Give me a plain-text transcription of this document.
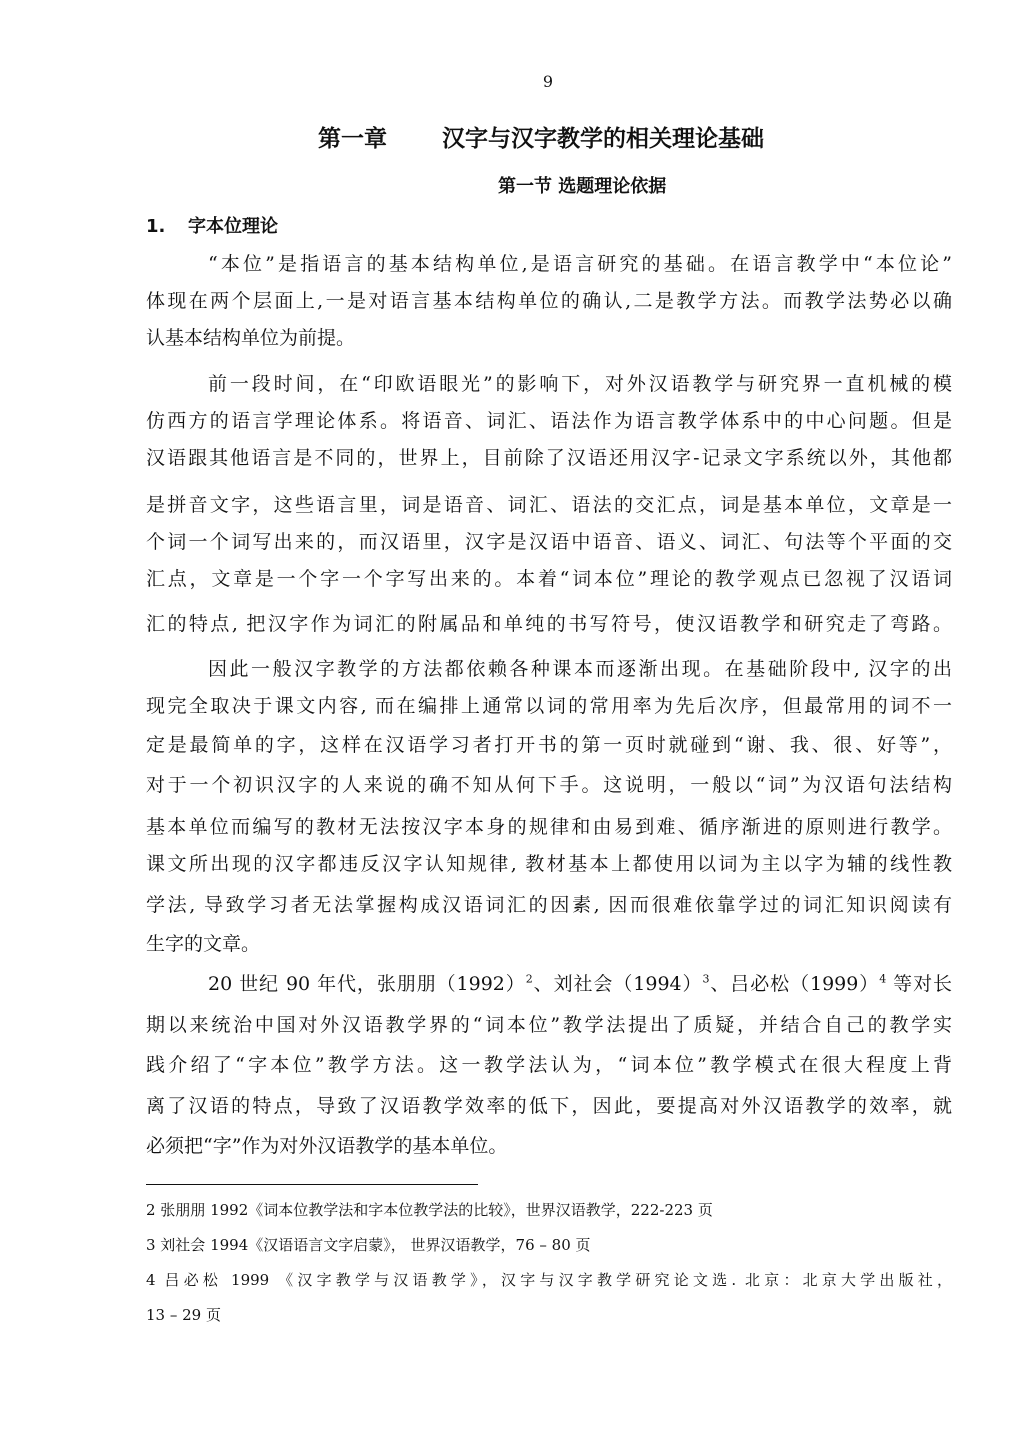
9
第一章 汉字与汉字教学的相关理论基础
第一节 选题理论依据
1. 字本位理论
“本位”是指语言的基本结构单位,是语言研究的基础。在语言教学中“本位论”
体现在两个层面上,一是对语言基本结构单位的确认,二是教学方法。而教学法势必以确
认基本结构单位为前提。
前一段时间，在“印欧语眼光”的影响下，对外汉语教学与研究界一直机械的模
仿西方的语言学理论体系。将语音、词汇、语法作为语言教学体系中的中心问题。但是
汉语跟其他语言是不同的，世界上，目前除了汉语还用汉字-记录文字系统以外，其他都
是拼音文字，这些语言里，词是语音、词汇、语法的交汇点，词是基本单位，文章是一
个词一个词写出来的，而汉语里，汉字是汉语中语音、语义、词汇、句法等个平面的交
汇点，文章是一个字一个字写出来的。本着“词本位”理论的教学观点已忽视了汉语词
汇的特点, 把汉字作为词汇的附属品和单纯的书写符号，使汉语教学和研究走了弯路。
因此一般汉字教学的方法都依赖各种课本而逐渐出现。在基础阶段中, 汉字的出
现完全取决于课文内容, 而在编排上通常以词的常用率为先后次序，但最常用的词不一
定是最简单的字，这样在汉语学习者打开书的第一页时就碰到“谢、我、很、好等”，
对于一个初识汉字的人来说的确不知从何下手。这说明，一般以“词”为汉语句法结构
基本单位而编写的教材无法按汉字本身的规律和由易到难、循序渐进的原则进行教学。
课文所出现的汉字都违反汉字认知规律, 教材基本上都使用以词为主以字为辅的线性教
学法, 导致学习者无法掌握构成汉语词汇的因素, 因而很难依靠学过的词汇知识阅读有
生字的文章。
20 世纪 90 年代，张朋朋$(1992)^2$、刘社会$(1994)^3$、吕必松$(1999)^4$ 等对长
期以来统治中国对外汉语教学界的“词本位”教学法提出了质疑，并结合自己的教学实
践介绍了“字本位”教学方法。这一教学法认为，“词本位”教学模式在很大程度上背
离了汉语的特点，导致了汉语教学效率的低下，因此，要提高对外汉语教学的效率，就
必须把“字”作为对外汉语教学的基本单位。
2 张朋朋 1992《词本位教学法和字本位教学法的比较》，世界汉语教学，222-223 页
3 刘社会 1994《汉语语言文字启蒙》， 世界汉语教学，76 – 80 页
4 吕必松 1999 《汉字教学与汉语教学》，汉字与汉字教学研究论文选. 北京：北京大学出版社，
13 – 29 页
